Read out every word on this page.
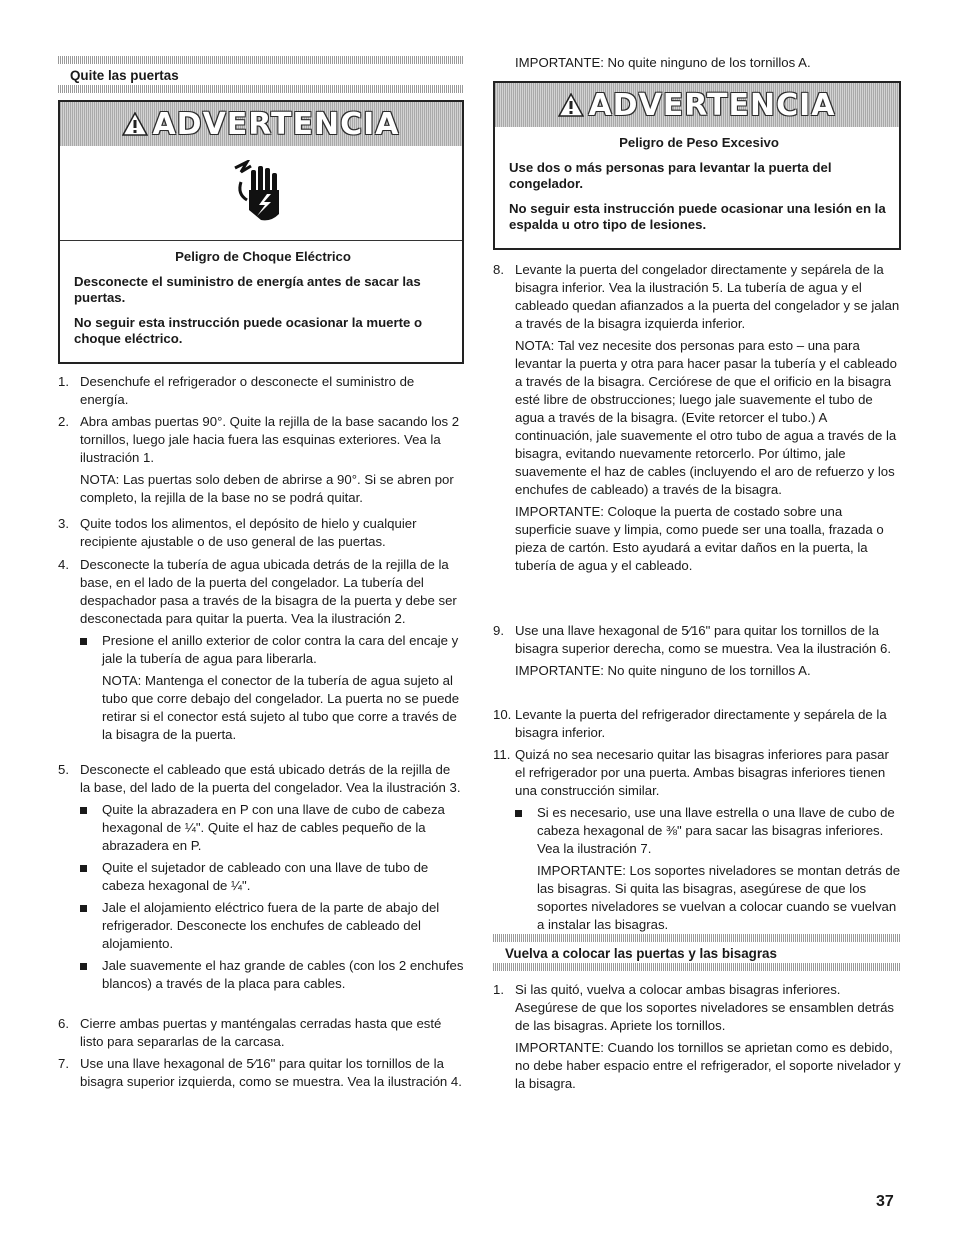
Quite las puertas
ADVERTENCIA
Peligro de Choque Eléctrico
Desconecte el suministro de energía antes de sacar las puertas.
No seguir esta instrucción puede ocasionar la muerte o choque eléctrico.
1. Desenchufe el refrigerador o desconecte el suministro de energía.
2. Abra ambas puertas 90°. Quite la rejilla de la base sacando los 2 tornillos, luego jale hacia fuera las esquinas exteriores. Vea la ilustración 1.
NOTA: Las puertas solo deben de abrirse a 90°. Si se abren por completo, la rejilla de la base no se podrá quitar.
3. Quite todos los alimentos, el depósito de hielo y cualquier recipiente ajustable o de uso general de las puertas.
4. Desconecte la tubería de agua ubicada detrás de la rejilla de la base, en el lado de la puerta del congelador. La tubería del despachador pasa a través de la bisagra de la puerta y debe ser desconectada para quitar la puerta. Vea la ilustración 2.
Presione el anillo exterior de color contra la cara del encaje y jale la tubería de agua para liberarla.
NOTA: Mantenga el conector de la tubería de agua sujeto al tubo que corre debajo del congelador. La puerta no se puede retirar si el conector está sujeto al tubo que corre a través de la bisagra de la puerta.
5. Desconecte el cableado que está ubicado detrás de la rejilla de la base, del lado de la puerta del congelador. Vea la ilustración 3.
Quite la abrazadera en P con una llave de cubo de cabeza hexagonal de ¼". Quite el haz de cables pequeño de la abrazadera en P.
Quite el sujetador de cableado con una llave de tubo de cabeza hexagonal de ¼".
Jale el alojamiento eléctrico fuera de la parte de abajo del refrigerador. Desconecte los enchufes de cableado del alojamiento.
Jale suavemente el haz grande de cables (con los 2 enchufes blancos) a través de la placa para cables.
6. Cierre ambas puertas y manténgalas cerradas hasta que esté listo para separarlas de la carcasa.
7. Use una llave hexagonal de 5⁄16" para quitar los tornillos de la bisagra superior izquierda, como se muestra. Vea la ilustración 4.
IMPORTANTE: No quite ninguno de los tornillos A.
ADVERTENCIA
Peligro de Peso Excesivo
Use dos o más personas para levantar la puerta del congelador.
No seguir esta instrucción puede ocasionar una lesión en la espalda u otro tipo de lesiones.
8. Levante la puerta del congelador directamente y sepárela de la bisagra inferior. Vea la ilustración 5. La tubería de agua y el cableado quedan afianzados a la puerta del congelador y se jalan a través de la bisagra izquierda inferior.
NOTA: Tal vez necesite dos personas para esto – una para levantar la puerta y otra para hacer pasar la tubería y el cableado a través de la bisagra. Cerciórese de que el orificio en la bisagra esté libre de obstrucciones; luego jale suavemente el tubo de agua a través de la bisagra. (Evite retorcer el tubo.) A continuación, jale suavemente el otro tubo de agua a través de la bisagra, evitando nuevamente retorcerlo. Por último, jale suavemente el haz de cables (incluyendo el aro de refuerzo y los enchufes de cableado) a través de la bisagra.
IMPORTANTE: Coloque la puerta de costado sobre una superficie suave y limpia, como puede ser una toalla, frazada o pieza de cartón. Esto ayudará a evitar daños en la puerta, la tubería de agua y el cableado.
9. Use una llave hexagonal de 5⁄16" para quitar los tornillos de la bisagra superior derecha, como se muestra. Vea la ilustración 6.
IMPORTANTE: No quite ninguno de los tornillos A.
10. Levante la puerta del refrigerador directamente y sepárela de la bisagra inferior.
11. Quizá no sea necesario quitar las bisagras inferiores para pasar el refrigerador por una puerta. Ambas bisagras inferiores tienen una construcción similar.
Si es necesario, use una llave estrella o una llave de cubo de cabeza hexagonal de ⅜" para sacar las bisagras inferiores. Vea la ilustración 7.
IMPORTANTE: Los soportes niveladores se montan detrás de las bisagras. Si quita las bisagras, asegúrese de que los soportes niveladores se vuelvan a colocar cuando se vuelvan a instalar las bisagras.
Vuelva a colocar las puertas y las bisagras
1. Si las quitó, vuelva a colocar ambas bisagras inferiores. Asegúrese de que los soportes niveladores se ensamblen detrás de las bisagras. Apriete los tornillos.
IMPORTANTE: Cuando los tornillos se aprietan como es debido, no debe haber espacio entre el refrigerador, el soporte nivelador y la bisagra.
37
